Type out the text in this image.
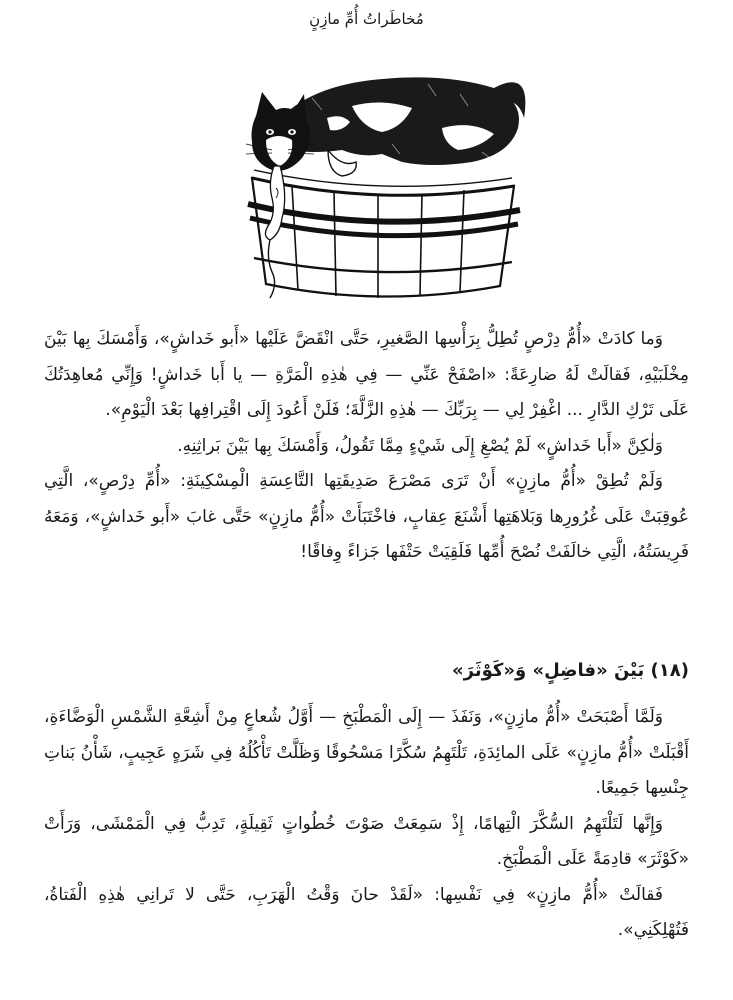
مُخاطَراتُ أُمِّ مازِنٍ

وَما كادَتْ «أُمُّ دِرْصٍ تُطِلُّ بِرَأْسِها الصَّغيرِ، حَتَّى انْقَضَّ عَلَيْها «أَبو خَداشٍ»، وَأَمْسَكَ بِها بَيْنَ مِخْلَبَيْهِ، فَقالَتْ لَهُ ضارِعَةً: «اصْفَحْ عَنِّي — فِي هٰذِهِ الْمَرَّةِ — يا أَبا خَداشٍ! وَإِنِّي مُعاهِدَتُكَ عَلَى تَرْكِ الدَّارِ ... اغْفِرْ لِي — بِرَبِّكَ — هٰذِهِ الزَّلَّةَ؛ فَلَنْ أَعُودَ إِلَى اقْتِرافِها بَعْدَ الْيَوْمِ».

وَلٰكِنَّ «أَبا خَداشٍ» لَمْ يُصْغِ إِلَى شَيْءٍ مِمَّا تَقُولُ، وَأَمْسَكَ بِها بَيْنَ بَراثِنِهِ.

وَلَمْ تُطِقْ «أُمُّ مازِنٍ» أَنْ تَرَى مَصْرَعَ صَدِيقَتِها التَّاعِسَةِ الْمِسْكِينَةِ: «أُمِّ دِرْصٍ»، الَّتِي عُوقِبَتْ عَلَى غُرُورِها وَبَلاهَتِها أَشْنَعَ عِقابٍ، فاخْتَبَأَتْ «أُمُّ مازِنٍ» حَتَّى غابَ «أَبو خَداشٍ»، وَمَعَهُ فَرِيسَتُهُ، الَّتِي خالَفَتْ نُصْحَ أُمِّها فَلَقِيَتْ حَتْفَها جَزاءً وِفاقًا!

(١٨) بَيْنَ «فاضِلٍ» وَ«كَوْثَرَ»

وَلَمَّا أَصْبَحَتْ «أُمُّ مازِنٍ»، وَنَفَذَ — إِلَى الْمَطْبَخِ — أَوَّلُ شُعاعٍ مِنْ أَشِعَّةِ الشَّمْسِ الْوَضَّاءَةِ، أَقْبَلَتْ «أُمُّ مازِنٍ» عَلَى المائِدَةِ، تَلْتَهِمُ سُكَّرًا مَسْحُوقًا وَظَلَّتْ تَأْكُلُهُ فِي شَرَهٍ عَجِيبٍ، شَأْنُ بَناتِ جِنْسِها جَمِيعًا.

وَإِنَّها لَتَلْتَهِمُ السُّكَّرَ الْتِهامًا، إِذْ سَمِعَتْ صَوْتَ خُطُواتٍ ثَقِيلَةٍ، تَدِبُّ فِي الْمَمْشَى، وَرَأَتْ «كَوْثَرَ» قادِمَةً عَلَى الْمَطْبَخِ.

فَقالَتْ «أُمُّ مازِنٍ» فِي نَفْسِها: «لَقَدْ حانَ وَقْتُ الْهَرَبِ، حَتَّى لا تَرانِي هٰذِهِ الْفَتاةُ، فَتُهْلِكَنِي».
